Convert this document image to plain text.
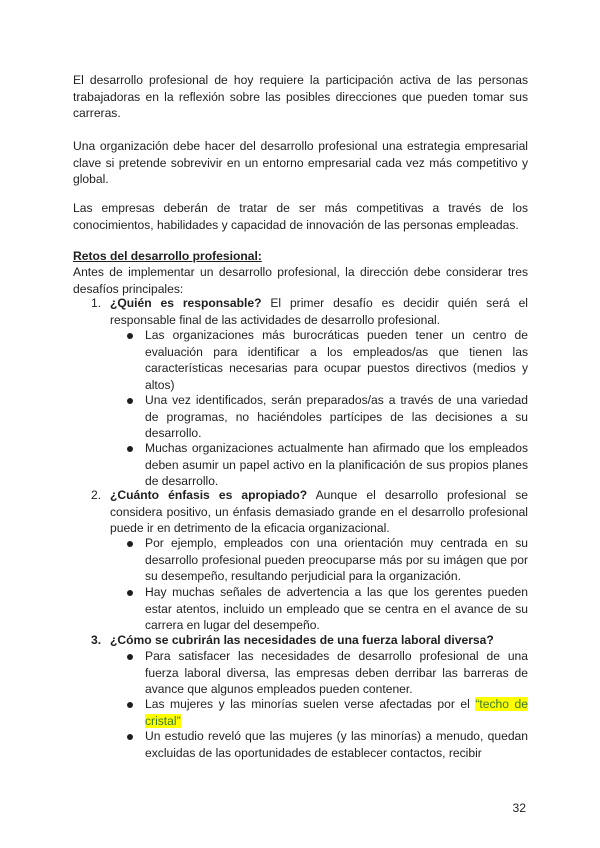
El desarrollo profesional de hoy requiere la participación activa de las personas trabajadoras en la reflexión sobre las posibles direcciones que pueden tomar sus carreras.

Una organización debe hacer del desarrollo profesional una estrategia empresarial clave si pretende sobrevivir en un entorno empresarial cada vez más competitivo y global.

Las empresas deberán de tratar de ser más competitivas a través de los conocimientos, habilidades y capacidad de innovación de las personas empleadas.

Retos del desarrollo profesional:

Antes de implementar un desarrollo profesional, la dirección debe considerar tres desafíos principales:

1. ¿Quién es responsable? El primer desafío es decidir quién será el responsable final de las actividades de desarrollo profesional.
Las organizaciones más burocráticas pueden tener un centro de evaluación para identificar a los empleados/as que tienen las características necesarias para ocupar puestos directivos (medios y altos)
Una vez identificados, serán preparados/as a través de una variedad de programas, no haciéndoles partícipes de las decisiones a su desarrollo.
Muchas organizaciones actualmente han afirmado que los empleados deben asumir un papel activo en la planificación de sus propios planes de desarrollo.
2. ¿Cuánto énfasis es apropiado? Aunque el desarrollo profesional se considera positivo, un énfasis demasiado grande en el desarrollo profesional puede ir en detrimento de la eficacia organizacional.
Por ejemplo, empleados con una orientación muy centrada en su desarrollo profesional pueden preocuparse más por su imágen que por su desempeño, resultando perjudicial para la organización.
Hay muchas señales de advertencia a las que los gerentes pueden estar atentos, incluido un empleado que se centra en el avance de su carrera en lugar del desempeño.
3. ¿Cómo se cubrirán las necesidades de una fuerza laboral diversa?
Para satisfacer las necesidades de desarrollo profesional de una fuerza laboral diversa, las empresas deben derribar las barreras de avance que algunos empleados pueden contener.
Las mujeres y las minorías suelen verse afectadas por el “techo de cristal”
Un estudio reveló que las mujeres (y las minorías) a menudo, quedan excluidas de las oportunidades de establecer contactos, recibir

32
